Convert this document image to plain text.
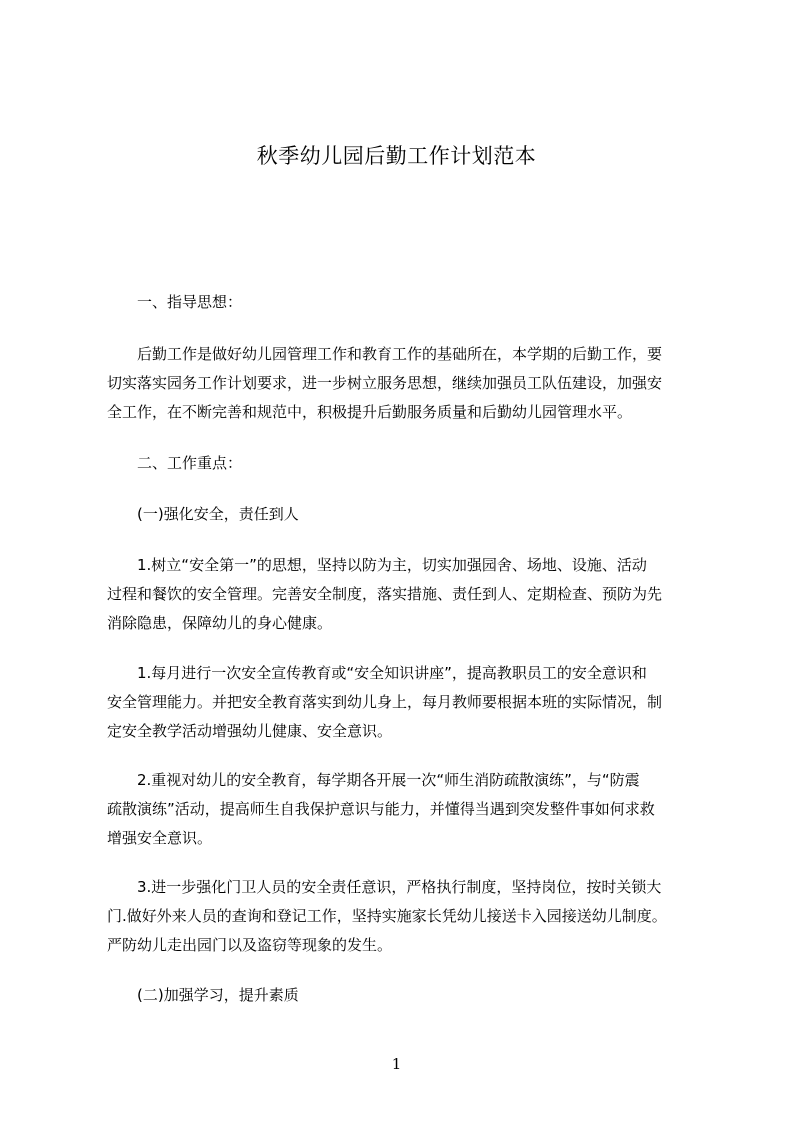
秋季幼儿园后勤工作计划范本
一、指导思想：
后勤工作是做好幼儿园管理工作和教育工作的基础所在，本学期的后勤工作，要
切实落实园务工作计划要求，进一步树立服务思想，继续加强员工队伍建设，加强安
全工作，在不断完善和规范中，积极提升后勤服务质量和后勤幼儿园管理水平。
二、工作重点：
(一)强化安全，责任到人
1.树立“安全第一”的思想，坚持以防为主，切实加强园舍、场地、设施、活动
过程和餐饮的安全管理。完善安全制度，落实措施、责任到人、定期检查、预防为先
消除隐患，保障幼儿的身心健康。
1.每月进行一次安全宣传教育或“安全知识讲座”，提高教职员工的安全意识和
安全管理能力。并把安全教育落实到幼儿身上，每月教师要根据本班的实际情况，制
定安全教学活动增强幼儿健康、安全意识。
2.重视对幼儿的安全教育，每学期各开展一次“师生消防疏散演练”，与“防震
疏散演练”活动，提高师生自我保护意识与能力，并懂得当遇到突发整件事如何求救
增强安全意识。
3.进一步强化门卫人员的安全责任意识，严格执行制度，坚持岗位，按时关锁大
门.做好外来人员的查询和登记工作，坚持实施家长凭幼儿接送卡入园接送幼儿制度。
严防幼儿走出园门以及盗窃等现象的发生。
(二)加强学习，提升素质
1
